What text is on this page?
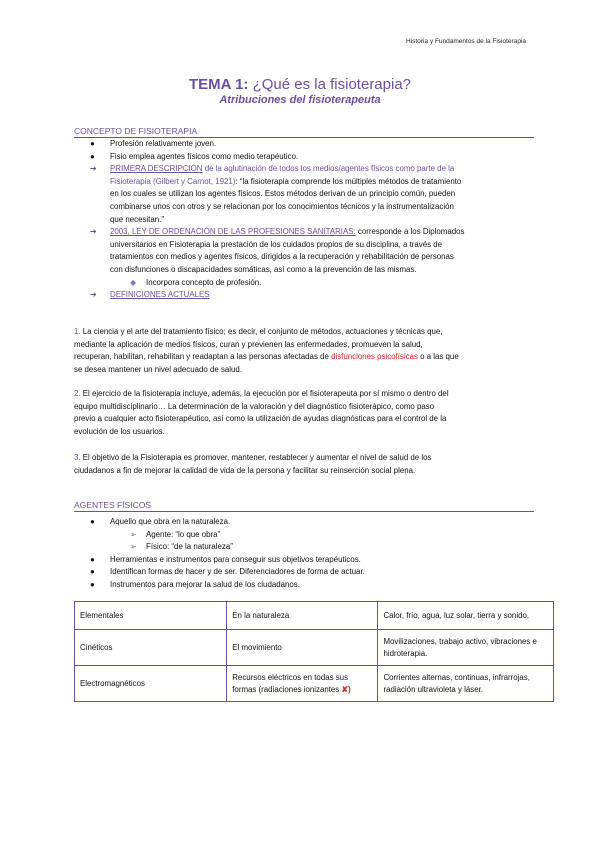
Historia y Fundamentos de la Fisioterapia
TEMA 1: ¿Qué es la fisioterapia?
Atribuciones del fisioterapeuta
CONCEPTO DE FISIOTERAPIA
● Profesión relativamente joven.
● Fisio emplea agentes físicos como medio terapéutico.
➔ PRIMERA DESCRIPCIÓN de la aglutinación de todos los medios/agentes físicos como parte de la
Fisioterapia (Gilbert y Carnot, 1921): “la fisioterapia comprende los múltiples métodos de tratamiento
en los cuales se utilizan los agentes físicos. Estos métodos derivan de un principio común, pueden
combinarse unos con otros y se relacionan por los conocimientos técnicos y la instrumentalización
que necesitan.”
➔ 2003, LEY DE ORDENACIÓN DE LAS PROFESIONES SANITARIAS: corresponde a los Diplomados
universitarios en Fisioterapia la prestación de los cuidados propios de su disciplina, a través de
tratamientos con medios y agentes físicos, dirigidos a la recuperación y rehabilitación de personas
con disfunciones o discapacidades somáticas, así como a la prevención de las mismas.
◆ Incorpora concepto de profesión.
➔ DEFINICIONES ACTUALES
1. La ciencia y el arte del tratamiento físico; es decir, el conjunto de métodos, actuaciones y técnicas que,
mediante la aplicación de medios físicos, curan y previenen las enfermedades, promueven la salud,
recuperan, habilitan, rehabilitan y readaptan a las personas afectadas de disfunciones psicofísicas o a las que
se desea mantener un nivel adecuado de salud.
2. El ejercicio de la fisioterapia incluye, además, la ejecución por el fisioterapeuta por sí mismo o dentro del
equipo multidisciplinario… La determinación de la valoración y del diagnóstico fisioterápico, como paso
previo a cualquier acto fisioterapéutico, así como la utilización de ayudas diagnósticas para el control de la
evolución de los usuarios.
3. El objetivo de la Fisioterapia es promover, mantener, restablecer y aumentar el nivel de salud de los
ciudadanos a fin de mejorar la calidad de vida de la persona y facilitar su reinserción social plena.
AGENTES FÍSICOS
● Aquello que obra en la naturaleza.
➢ Agente: “lo que obra”
➢ Físico: “de la naturaleza”
● Herramientas e instrumentos para conseguir sus objetivos terapéuticos.
● Identifican formas de hacer y de ser. Diferenciadores de forma de actuar.
● Instrumentos para mejorar la salud de los ciudadanos.
Elementales	En la naturaleza	Calor, frío, agua, luz solar, tierra y sonido.
Cinéticos	El movimiento	Movilizaciones, trabajo activo, vibraciones e hidroterapia.
Electromagnéticos	Recursos eléctricos en todas sus formas (radiaciones ionizantes ✘)	Corrientes alternas, continuas, infrarrojas, radiación ultravioleta y láser.
